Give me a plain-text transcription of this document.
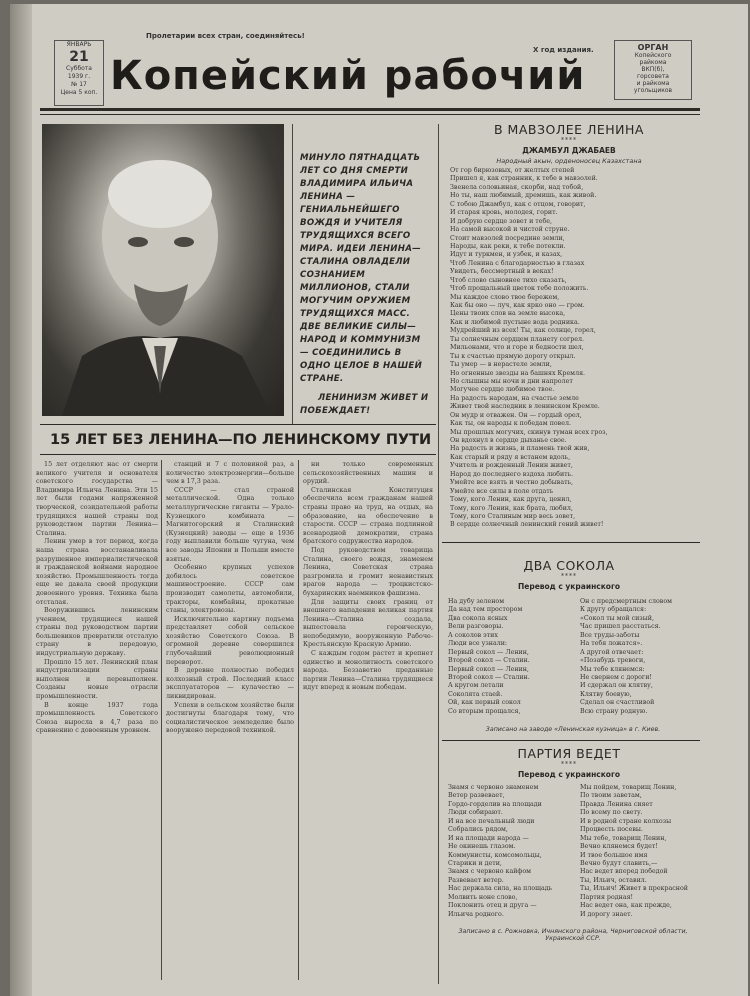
ЯНВАРЬ
21
Суббота
1939 г.
№ 17
Цена 5 коп.
Пролетарии всех стран, соединяйтесь!
X год издания.
Копейский рабочий
ОРГАН
Копейского
райкома
ВКП(б),
горсовета
и райкома
угольщиков

МИНУЛО ПЯТНАДЦАТЬ ЛЕТ СО ДНЯ СМЕРТИ ВЛАДИМИРА ИЛЬИЧА ЛЕНИНА — ГЕНИАЛЬНЕЙШЕГО ВОЖДЯ И УЧИТЕЛЯ ТРУДЯЩИХСЯ ВСЕГО МИРА. ИДЕИ ЛЕНИНА—СТАЛИНА ОВЛАДЕЛИ СОЗНАНИЕМ МИЛЛИОНОВ, СТАЛИ МОГУЧИМ ОРУЖИЕМ ТРУДЯЩИХСЯ МАСС. ДВЕ ВЕЛИКИЕ СИЛЫ—НАРОД И КОММУНИЗМ — СОЕДИНИЛИСЬ В ОДНО ЦЕЛОЕ В НАШЕЙ СТРАНЕ.

ЛЕНИНИЗМ ЖИВЕТ И ПОБЕЖДАЕТ!

15 ЛЕТ БЕЗ ЛЕНИНА—ПО ЛЕНИНСКОМУ ПУТИ

15 лет отделяют нас от смерти великого учителя и основателя советского государства — Владимира Ильича Ленина. Эти 15 лет были годами напряженной творческой, созидательной работы трудящихся нашей страны под руководством партии Ленина—Сталина.

Ленин умер в тот период, когда наша страна восстанавливала разрушенное империалистической и гражданской войнами народное хозяйство. Промышленность тогда еще не давала своей продукции довоенного уровня. Техника была отсталая.

Вооружившись ленинским учением, трудящиеся нашей страны под руководством партии большевиков превратили отсталую страну в передовую, индустриальную державу.

Прошло 15 лет. Ленинский план индустриализации страны выполнен и перевыполнен. Созданы новые отрасли промышленности.

В конце 1937 года промышленность Советского Союза выросла в 4,7 раза по сравнению с довоенным уровнем.

станций и 7 с половиной раз, а количество электроэнергии—больше чем в 17,3 раза.

СССР — стал страной металлической. Одна только металлургические гиганты — Урало-Кузнецкого комбината — Магнитогорский и Сталинский (Кузнецкий) заводы — еще в 1936 году выплавили больше чугуна, чем все заводы Японии и Польши вместе взятые.

Особенно крупных успехов добилось советское машиностроение. СССР сам производит самолеты, автомобили, тракторы, комбайны, прокатные станы, электровозы.

Исключительно картину подъема представляет собой сельское хозяйство Советского Союза. В огромной деревне совершился глубочайший революционный переворот.

В деревне полностью победил колхозный строй. Последний класс эксплуататоров — кулачество — ликвидирован.

Успехи в сельском хозяйстве были достигнуты благодаря тому, что социалистическое земледелие было вооружено передовой техникой.

ни только современных сельскохозяйственных машин и орудий.

Сталинская Конституция обеспечила всем гражданам нашей страны право на труд, на отдых, на образование, на обеспечение в старости. СССР — страна подлинной всенародной демократии, страна братского содружества народов.

Под руководством товарища Сталина, своего вождя, знаменем Ленина, Советская страна разгромила и громит ненавистных врагов народа — троцкистско-бухаринских наемников фашизма.

Для защиты своих границ от внешнего нападения великая партия Ленина—Сталина создала, выпестовала героическую, непобедимую, вооруженную Рабоче-Крестьянскую Красную Армию.

С каждым годом растет и крепнет единство и монолитность советского народа. Беззаветно преданные партии Ленина—Сталина трудящиеся идут вперед к новым победам.

В МАВЗОЛЕЕ ЛЕНИНА
****
ДЖАМБУЛ ДЖАБАЕВ
Народный акын, орденоносец Казахстана
От гор бирюзовых, от желтых степей
Пришел я, как странник, к тебе в мавзолей.
Звенела соловьиная, скорби, над тобой,
Но ты, наш любимый, дремишь, как живой.
С тобою Джамбул, как с отцом, говорит,
И старая кровь, молодея, горит.
И добрую сердце зовет и тебе,
На самой высокой и чистой струне.
Стоит мавзолей посредине земли,
Народы, как реки, к тебе потекли.
Идут и туркмен, и узбек, и казах,
Чтоб Ленина с благодарностью в глазах
Увидеть, бессмертный в веках!
Чтоб слово сыновнее тихо сказать,
Чтоб прощальный цветок тебе положить.
Мы каждое слово твое бережем,
Как бы оно — луч, как ярко оно — гром.
Цены твоих слов на земле высока,
Как и любимой пустыне вода родника.
Мудрейший из всех! Ты, как солнце, горел,
Ты солнечным сердцем планету согрел.
Мильонами, что и горе и бедности шел,
Ты к счастью прямую дорогу открыл.
Ты умер — в нерастеле земли,
Но огненные звезды на башнях Кремля.
Но слышны мы ночи и дни напролет
Могучее сердце любимое твое.
На радость народам, на счастье земле
Живет твой наследник в ленинском Кремле.
Он мудр и отважен. Он — гордый орел,
Как ты, он народы к победам повел.
Мы прошлых могучих, скинув туман всех гроз,
Он вдохнул в сердце дыханье свое.
На радость и жизнь, и пламень твой жив,
Как старый и ряду я встанем вдоль,
Учитель и рожденный Ленин живет,
Народ до последнего вздоха любить.
Умейте все взять и честно добывать,
Умейте все силы в поле отдать
Тому, кого Ленин, как друга, ценил,
Тому, кого Ленин, как брата, любил,
Тому, кого Сталиным мир весь зовет,
В сердце солнечный ленинский гений живет!
ДВА СОКОЛА
****
Перевод с украинского
На дубу зеленом
Да над тем простором
Два сокола ясных
Вели разговоры.
А соколов этих
Люди все узнали:
Первый сокол — Ленин,
Второй сокол — Сталин.
Первый сокол — Ленин,
Второй сокол — Сталин.
А кругом летали
Соколята стаей.
Ой, как первый сокол
Со вторым прощался,
Он с предсмертным словом
К другу обращался:
«Сокол ты мой сизый,
Час пришел расстаться.
Все труды-заботы
На тебя ложатся».
А другой отвечает:
«Позабудь тревоги,
Мы тебе клянемся:
Не свернем с дороги!
И сдержал он клятву,
Клятву боевую,
Сделал он счастливой
Всю страну родную.
Записано на заводе «Ленинская кузница» в г. Киев.
ПАРТИЯ ВЕДЕТ
****
Перевод с украинского
Знамя с червоно знаменем
Ветер развевает,
Гордо-горделив на площади
Люди собирают.
И на все печальный люди
Собрались рядом,
И на площади народа —
Не окинешь глазом.
Коммунисты, комсомольцы,
Старики и дети,
Знамя с червоно кайфом
Развевает ветер.
Нас держала сила, на площадь
Молвить ноне слово,
Поклонить отец и друга —
Ильича родного.
Мы пойдем, товарищ Ленин,
По твоим заветам,
Правда Ленина сияет
По всему по свету.
И в родной стране колхозы
Процвесть посевы.
Мы тебе, товарищ Ленин,
Вечно клянемся будет!
И твое большое имя
Вечно будут славить,—
Нас ведет вперед победой
Ты, Ильич, оставил.
Ты, Ильич! Живет в прекрасной
Партия родная!
Нас ведет она, как прежде,
И дорогу знает.
Записано в с. Рожновка, Ичнянского района, Черниговской области, Украинской ССР.
